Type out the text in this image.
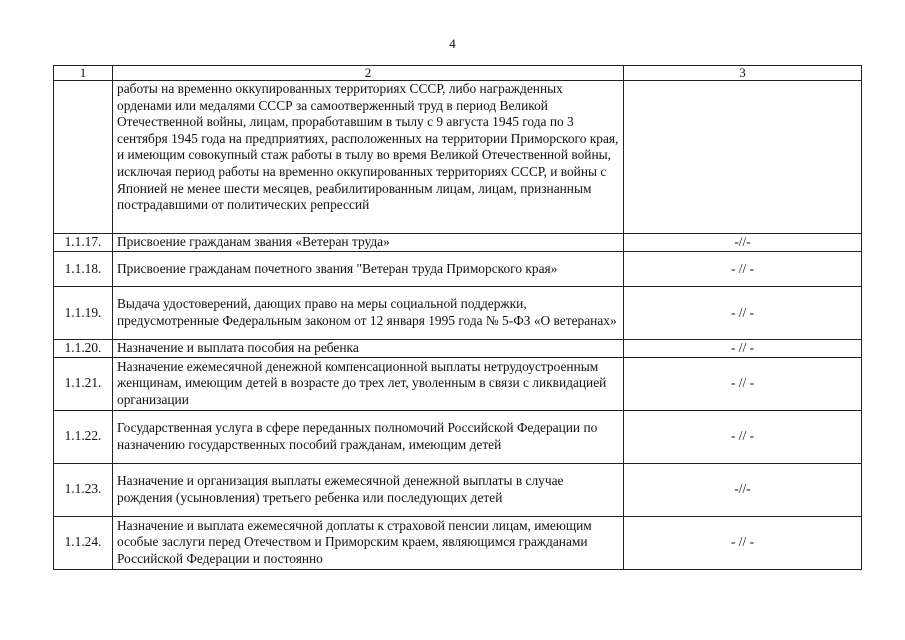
4
1	2	3
	работы на временно оккупированных территориях СССР, либо награжденных орденами или медалями СССР за самоотверженный труд в период Великой Отечественной войны, лицам, проработавшим в тылу с 9 августа 1945 года по 3 сентября 1945 года на предприятиях, расположенных на территории Приморского края, и имеющим совокупный стаж работы в тылу во время Великой Отечественной войны, исключая период работы на временно оккупированных территориях СССР, и войны с Японией не менее шести месяцев, реабилитированным лицам, лицам, признанным пострадавшими от политических репрессий	
1.1.17.	Присвоение гражданам звания «Ветеран труда»	-//-
1.1.18.	Присвоение гражданам почетного звания "Ветеран труда Приморского края»	- // -
1.1.19.	Выдача удостоверений, дающих право на меры социальной поддержки, предусмотренные Федеральным законом от 12 января 1995 года № 5-ФЗ «О ветеранах»	- // -
1.1.20.	Назначение и выплата пособия на ребенка	- // -
1.1.21.	Назначение ежемесячной денежной компенсационной выплаты нетрудоустроенным женщинам, имеющим детей в возрасте до трех лет, уволенным в связи с ликвидацией организации	- // -
1.1.22.	Государственная услуга в сфере переданных полномочий Российской Федерации по назначению государственных пособий гражданам, имеющим детей	- // -
1.1.23.	Назначение и организация выплаты ежемесячной денежной выплаты в случае рождения (усыновления) третьего ребенка или последующих детей	-//-
1.1.24.	Назначение и выплата ежемесячной доплаты к страховой пенсии лицам, имеющим особые заслуги перед Отечеством и Приморским краем, являющимся гражданами Российской Федерации и постоянно	- // -
